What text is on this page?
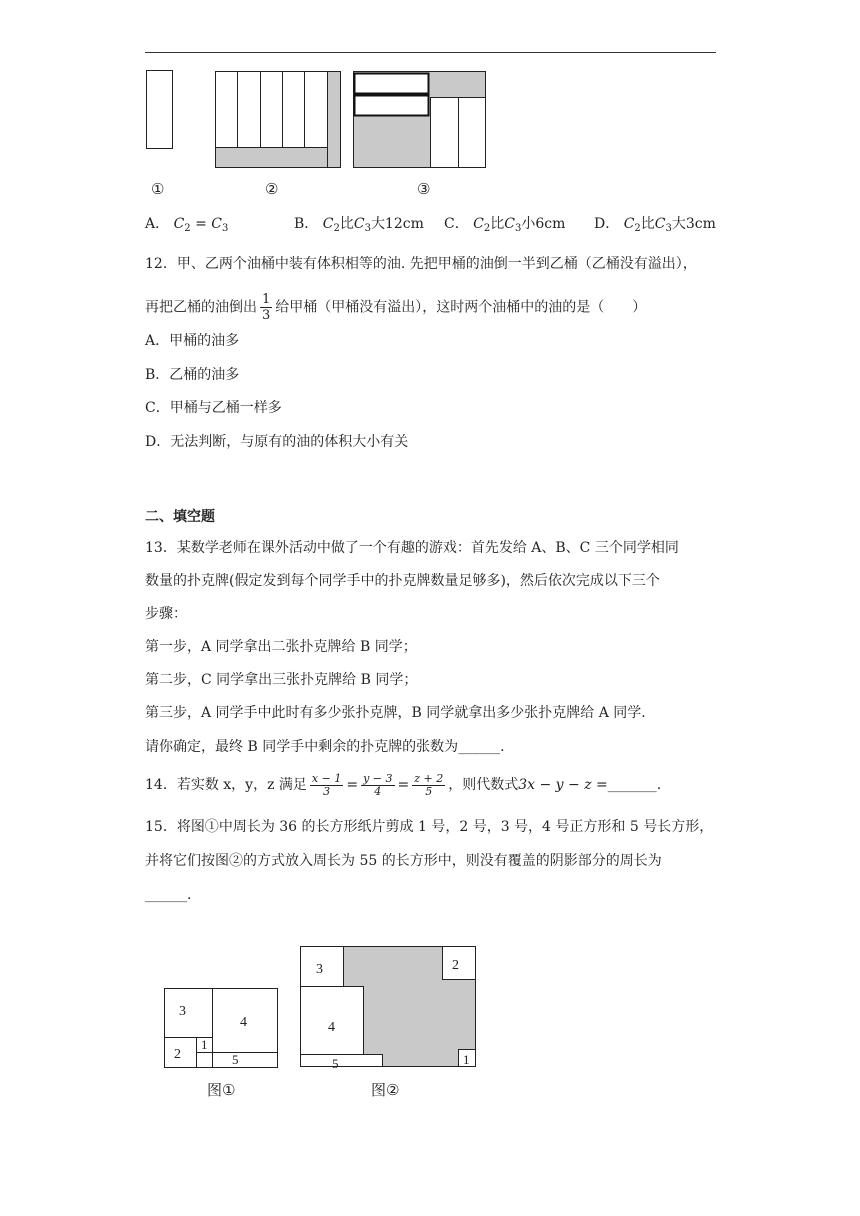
①	②	③
A． $C_2 = C_3$	B． $C_2$比$C_3$大12cm C． $C_2$比$C_3$小6cm D． $C_2$比$C_3$大3cm
12．甲、乙两个油桶中装有体积相等的油. 先把甲桶的油倒一半到乙桶（乙桶没有溢出），
再把乙桶的油倒出 $\frac{1}{3}$ 给甲桶（甲桶没有溢出），这时两个油桶中的油的是（　　）
A．甲桶的油多
B．乙桶的油多
C．甲桶与乙桶一样多
D．无法判断，与原有的油的体积大小有关
二、填空题
13．某数学老师在课外活动中做了一个有趣的游戏：首先发给 A、B、C 三个同学相同
数量的扑克牌(假定发到每个同学手中的扑克牌数量足够多)，然后依次完成以下三个
步骤：
第一步，A 同学拿出二张扑克牌给 B 同学；
第二步，C 同学拿出三张扑克牌给 B 同学；
第三步，A 同学手中此时有多少张扑克牌，B 同学就拿出多少张扑克牌给 A 同学.
请你确定，最终 B 同学手中剩余的扑克牌的张数为______.
14．若实数 x，y，z 满足 $\frac{x - 1}{3} = \frac{y - 3}{4} = \frac{z + 2}{5}$ ，则代数式3x − y − z =_______.
15．将图①中周长为 36 的长方形纸片剪成 1 号，2 号，3 号，4 号正方形和 5 号长方形，
并将它们按图②的方式放入周长为 55 的长方形中，则没有覆盖的阴影部分的周长为
______.
3
4
2
1
5
图①
3	2
4
5	1
图②
